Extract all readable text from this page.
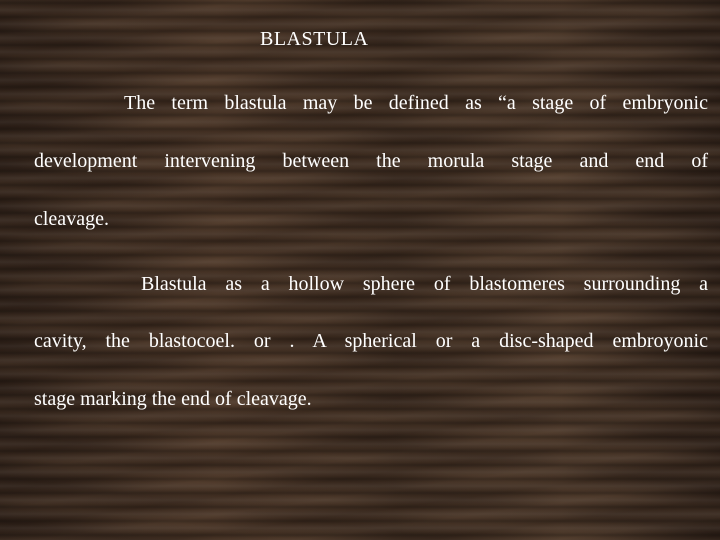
BLASTULA
The term blastula may be defined as “a stage of embryonic
development intervening between the morula stage and end of
cleavage.
Blastula as a hollow sphere of blastomeres surrounding a
cavity, the blastocoel. or . A spherical or a disc-shaped embroyonic
stage marking the end of cleavage.
